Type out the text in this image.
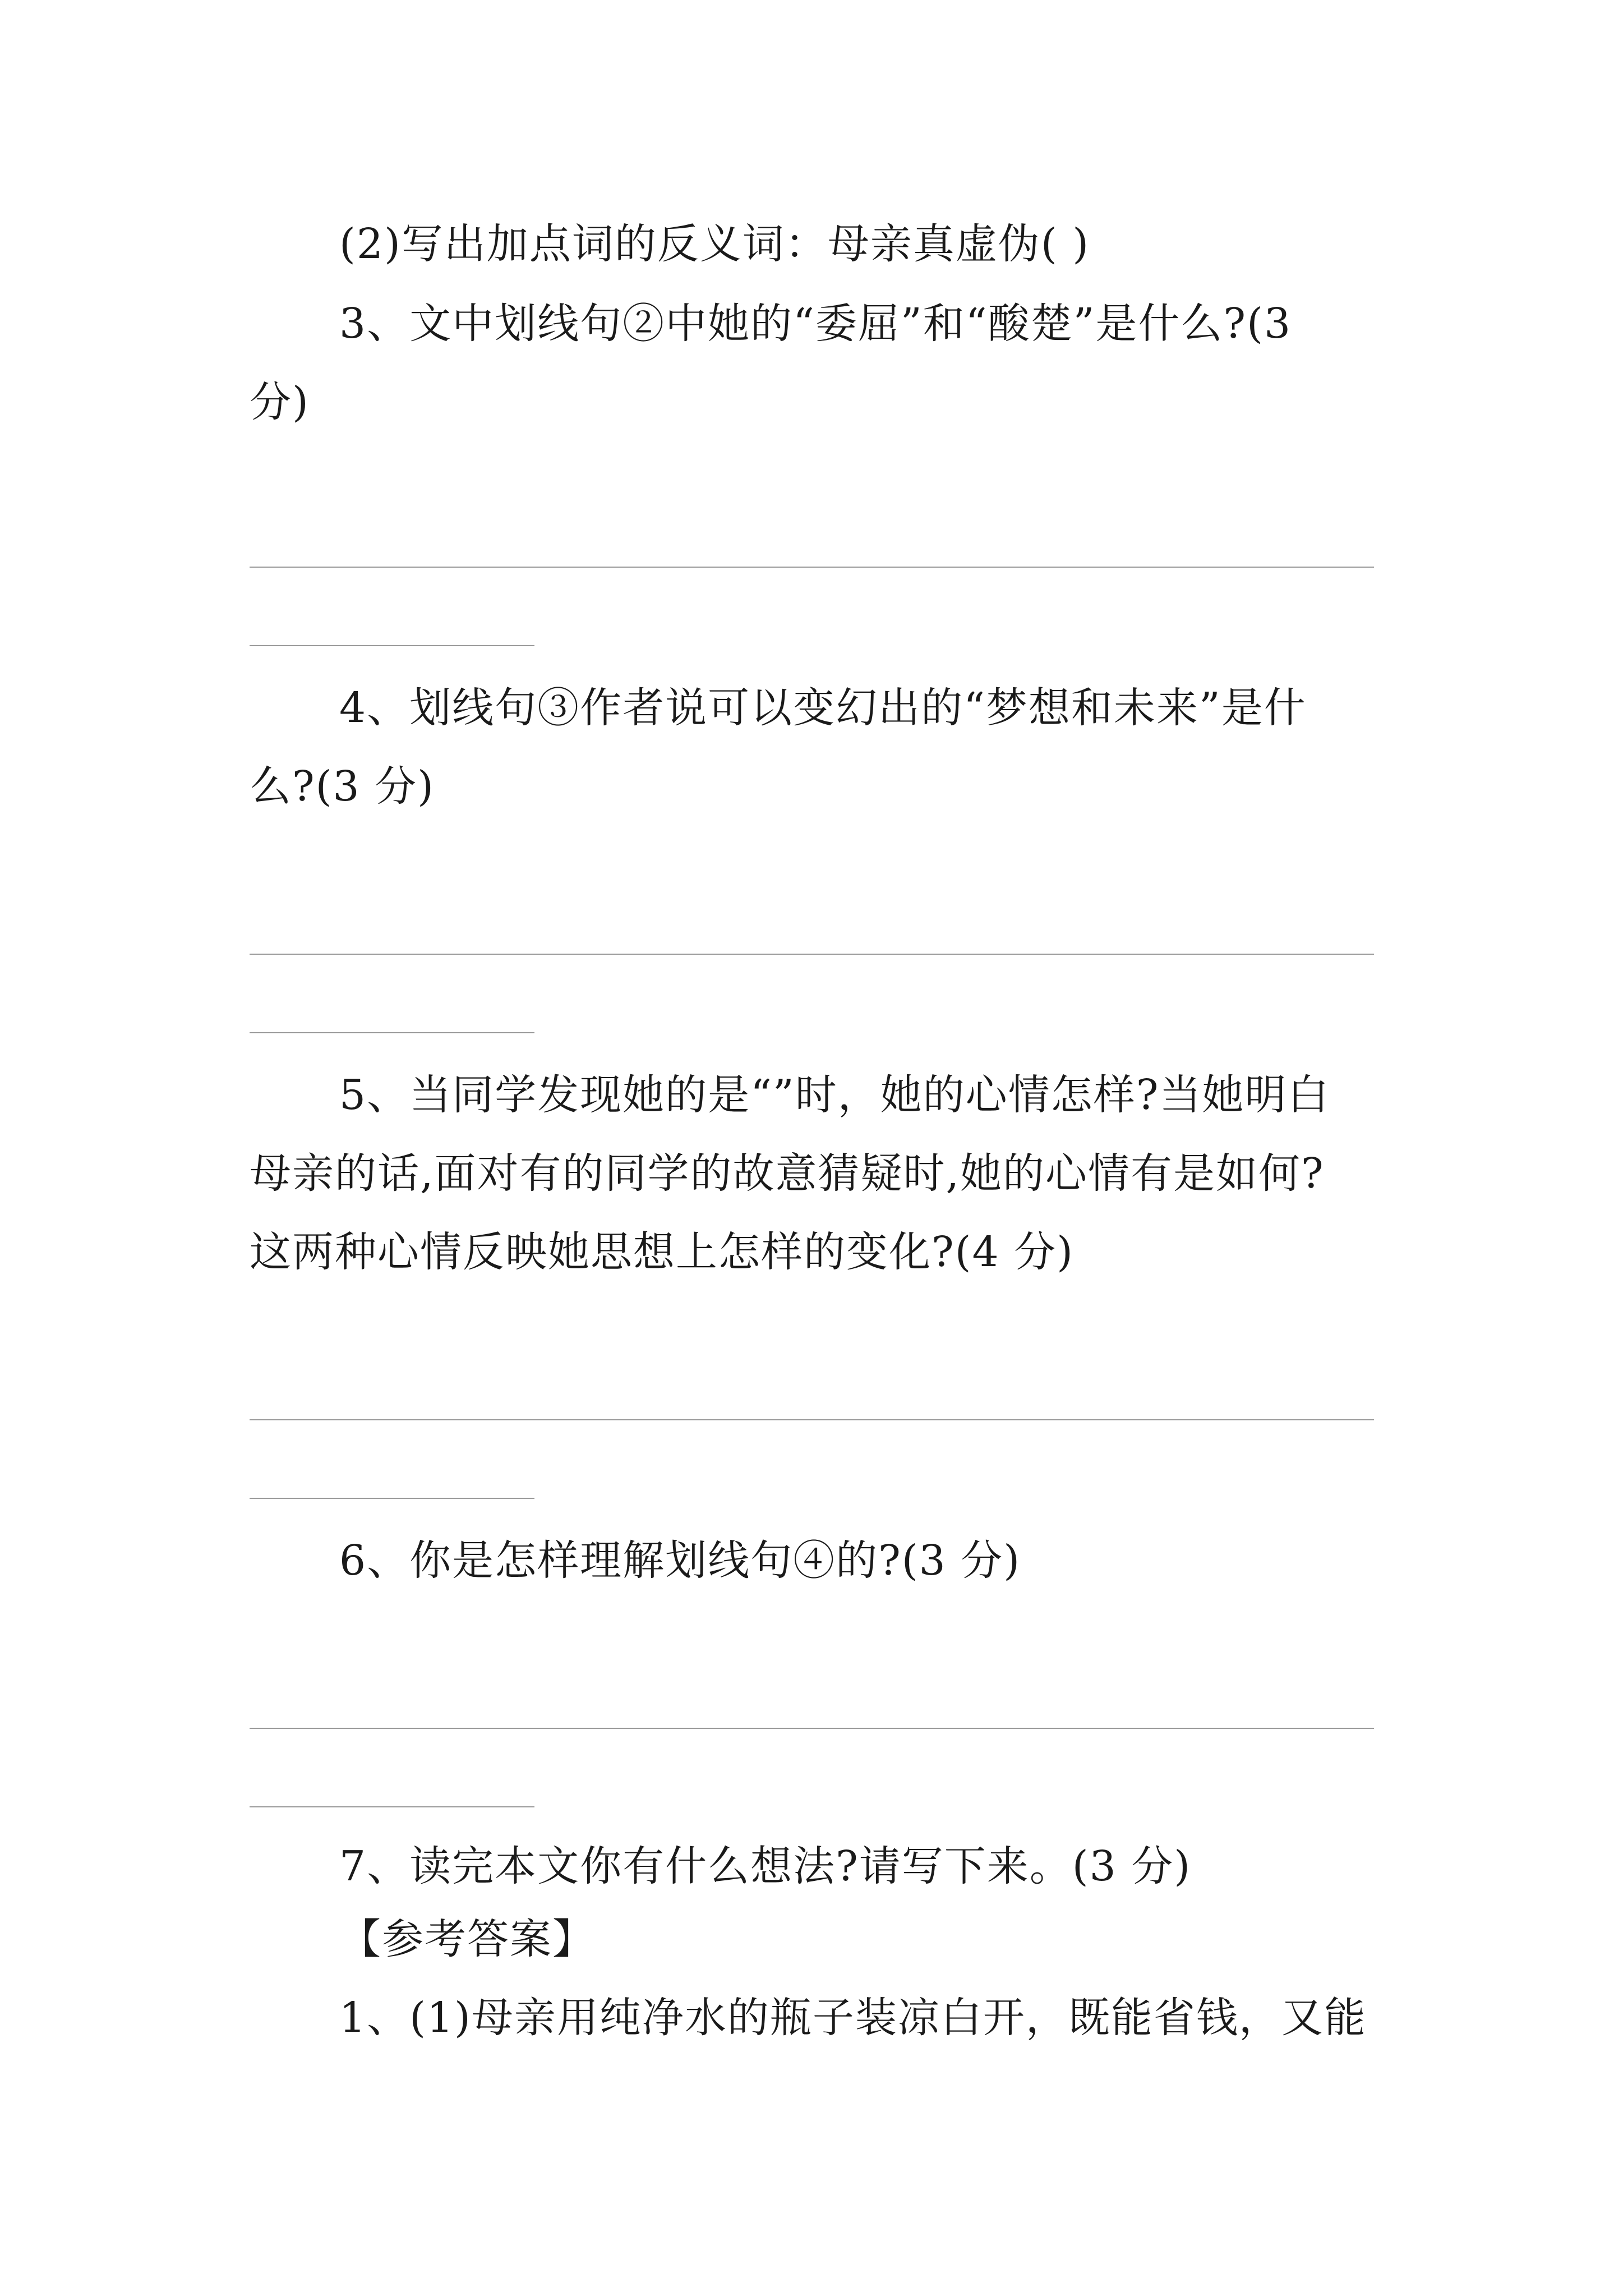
(2)写出加点词的反义词：母亲真虚伪( )
3、文中划线句②中她的“委屈”和“酸楚”是什么?(3
分)
4、划线句③作者说可以变幻出的“梦想和未来”是什
么?(3 分)
5、当同学发现她的是“”时，她的心情怎样?当她明白
母亲的话,面对有的同学的故意猜疑时,她的心情有是如何?
这两种心情反映她思想上怎样的变化?(4 分)
6、你是怎样理解划线句④的?(3 分)
7、读完本文你有什么想法?请写下来。(3 分)
【参考答案】
1、(1)母亲用纯净水的瓶子装凉白开，既能省钱，又能
